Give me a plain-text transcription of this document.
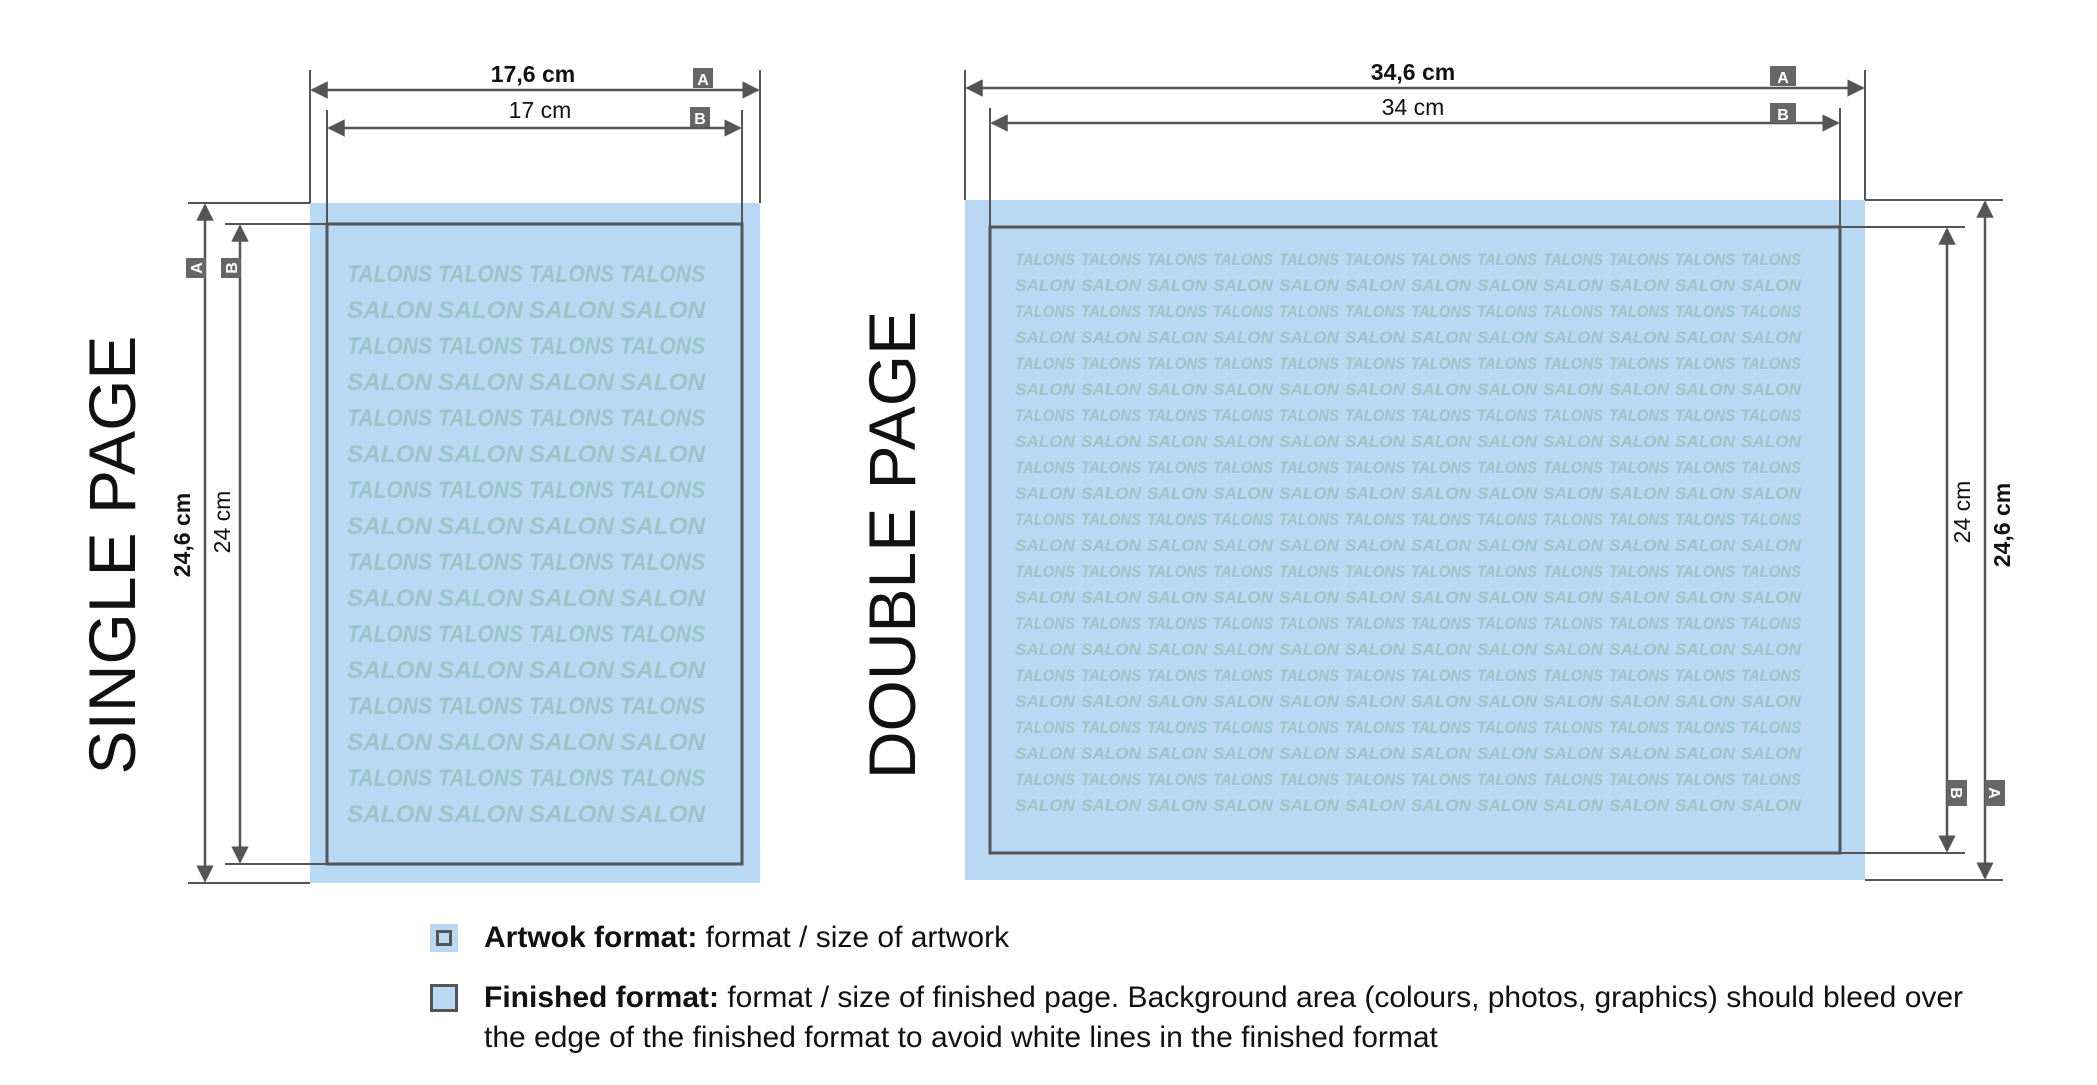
SINGLE PAGE
TALONS TALONS TALONS TALONS
SALON SALON SALON SALON
TALONS TALONS TALONS TALONS
SALON SALON SALON SALON
TALONS TALONS TALONS TALONS
SALON SALON SALON SALON
TALONS TALONS TALONS TALONS
SALON SALON SALON SALON
TALONS TALONS TALONS TALONS
SALON SALON SALON SALON
TALONS TALONS TALONS TALONS
SALON SALON SALON SALON
TALONS TALONS TALONS TALONS
SALON SALON SALON SALON
TALONS TALONS TALONS TALONS
SALON SALON SALON SALON
17,6 cm	A
17 cm	B
24,6 cm
A
24 cm
B
DOUBLE PAGE
TALONS TALONS TALONS TALONS TALONS TALONS TALONS TALONS TALONS TALONS TALONS TALONS
SALON SALON SALON SALON SALON SALON SALON SALON SALON SALON SALON SALON
TALONS TALONS TALONS TALONS TALONS TALONS TALONS TALONS TALONS TALONS TALONS TALONS
SALON SALON SALON SALON SALON SALON SALON SALON SALON SALON SALON SALON
TALONS TALONS TALONS TALONS TALONS TALONS TALONS TALONS TALONS TALONS TALONS TALONS
SALON SALON SALON SALON SALON SALON SALON SALON SALON SALON SALON SALON
TALONS TALONS TALONS TALONS TALONS TALONS TALONS TALONS TALONS TALONS TALONS TALONS
SALON SALON SALON SALON SALON SALON SALON SALON SALON SALON SALON SALON
TALONS TALONS TALONS TALONS TALONS TALONS TALONS TALONS TALONS TALONS TALONS TALONS
SALON SALON SALON SALON SALON SALON SALON SALON SALON SALON SALON SALON
TALONS TALONS TALONS TALONS TALONS TALONS TALONS TALONS TALONS TALONS TALONS TALONS
SALON SALON SALON SALON SALON SALON SALON SALON SALON SALON SALON SALON
TALONS TALONS TALONS TALONS TALONS TALONS TALONS TALONS TALONS TALONS TALONS TALONS
SALON SALON SALON SALON SALON SALON SALON SALON SALON SALON SALON SALON
TALONS TALONS TALONS TALONS TALONS TALONS TALONS TALONS TALONS TALONS TALONS TALONS
SALON SALON SALON SALON SALON SALON SALON SALON SALON SALON SALON SALON
TALONS TALONS TALONS TALONS TALONS TALONS TALONS TALONS TALONS TALONS TALONS TALONS
SALON SALON SALON SALON SALON SALON SALON SALON SALON SALON SALON SALON
TALONS TALONS TALONS TALONS TALONS TALONS TALONS TALONS TALONS TALONS TALONS TALONS
SALON SALON SALON SALON SALON SALON SALON SALON SALON SALON SALON SALON
TALONS TALONS TALONS TALONS TALONS TALONS TALONS TALONS TALONS TALONS TALONS TALONS
SALON SALON SALON SALON SALON SALON SALON SALON SALON SALON SALON SALON
34,6 cm	A
34 cm	B
24 cm
B
24,6 cm
A
Artwok format: format / size of artwork
Finished format: format / size of finished page. Background area (colours, photos, graphics) should bleed over the edge of the finished format to avoid white lines in the finished format
